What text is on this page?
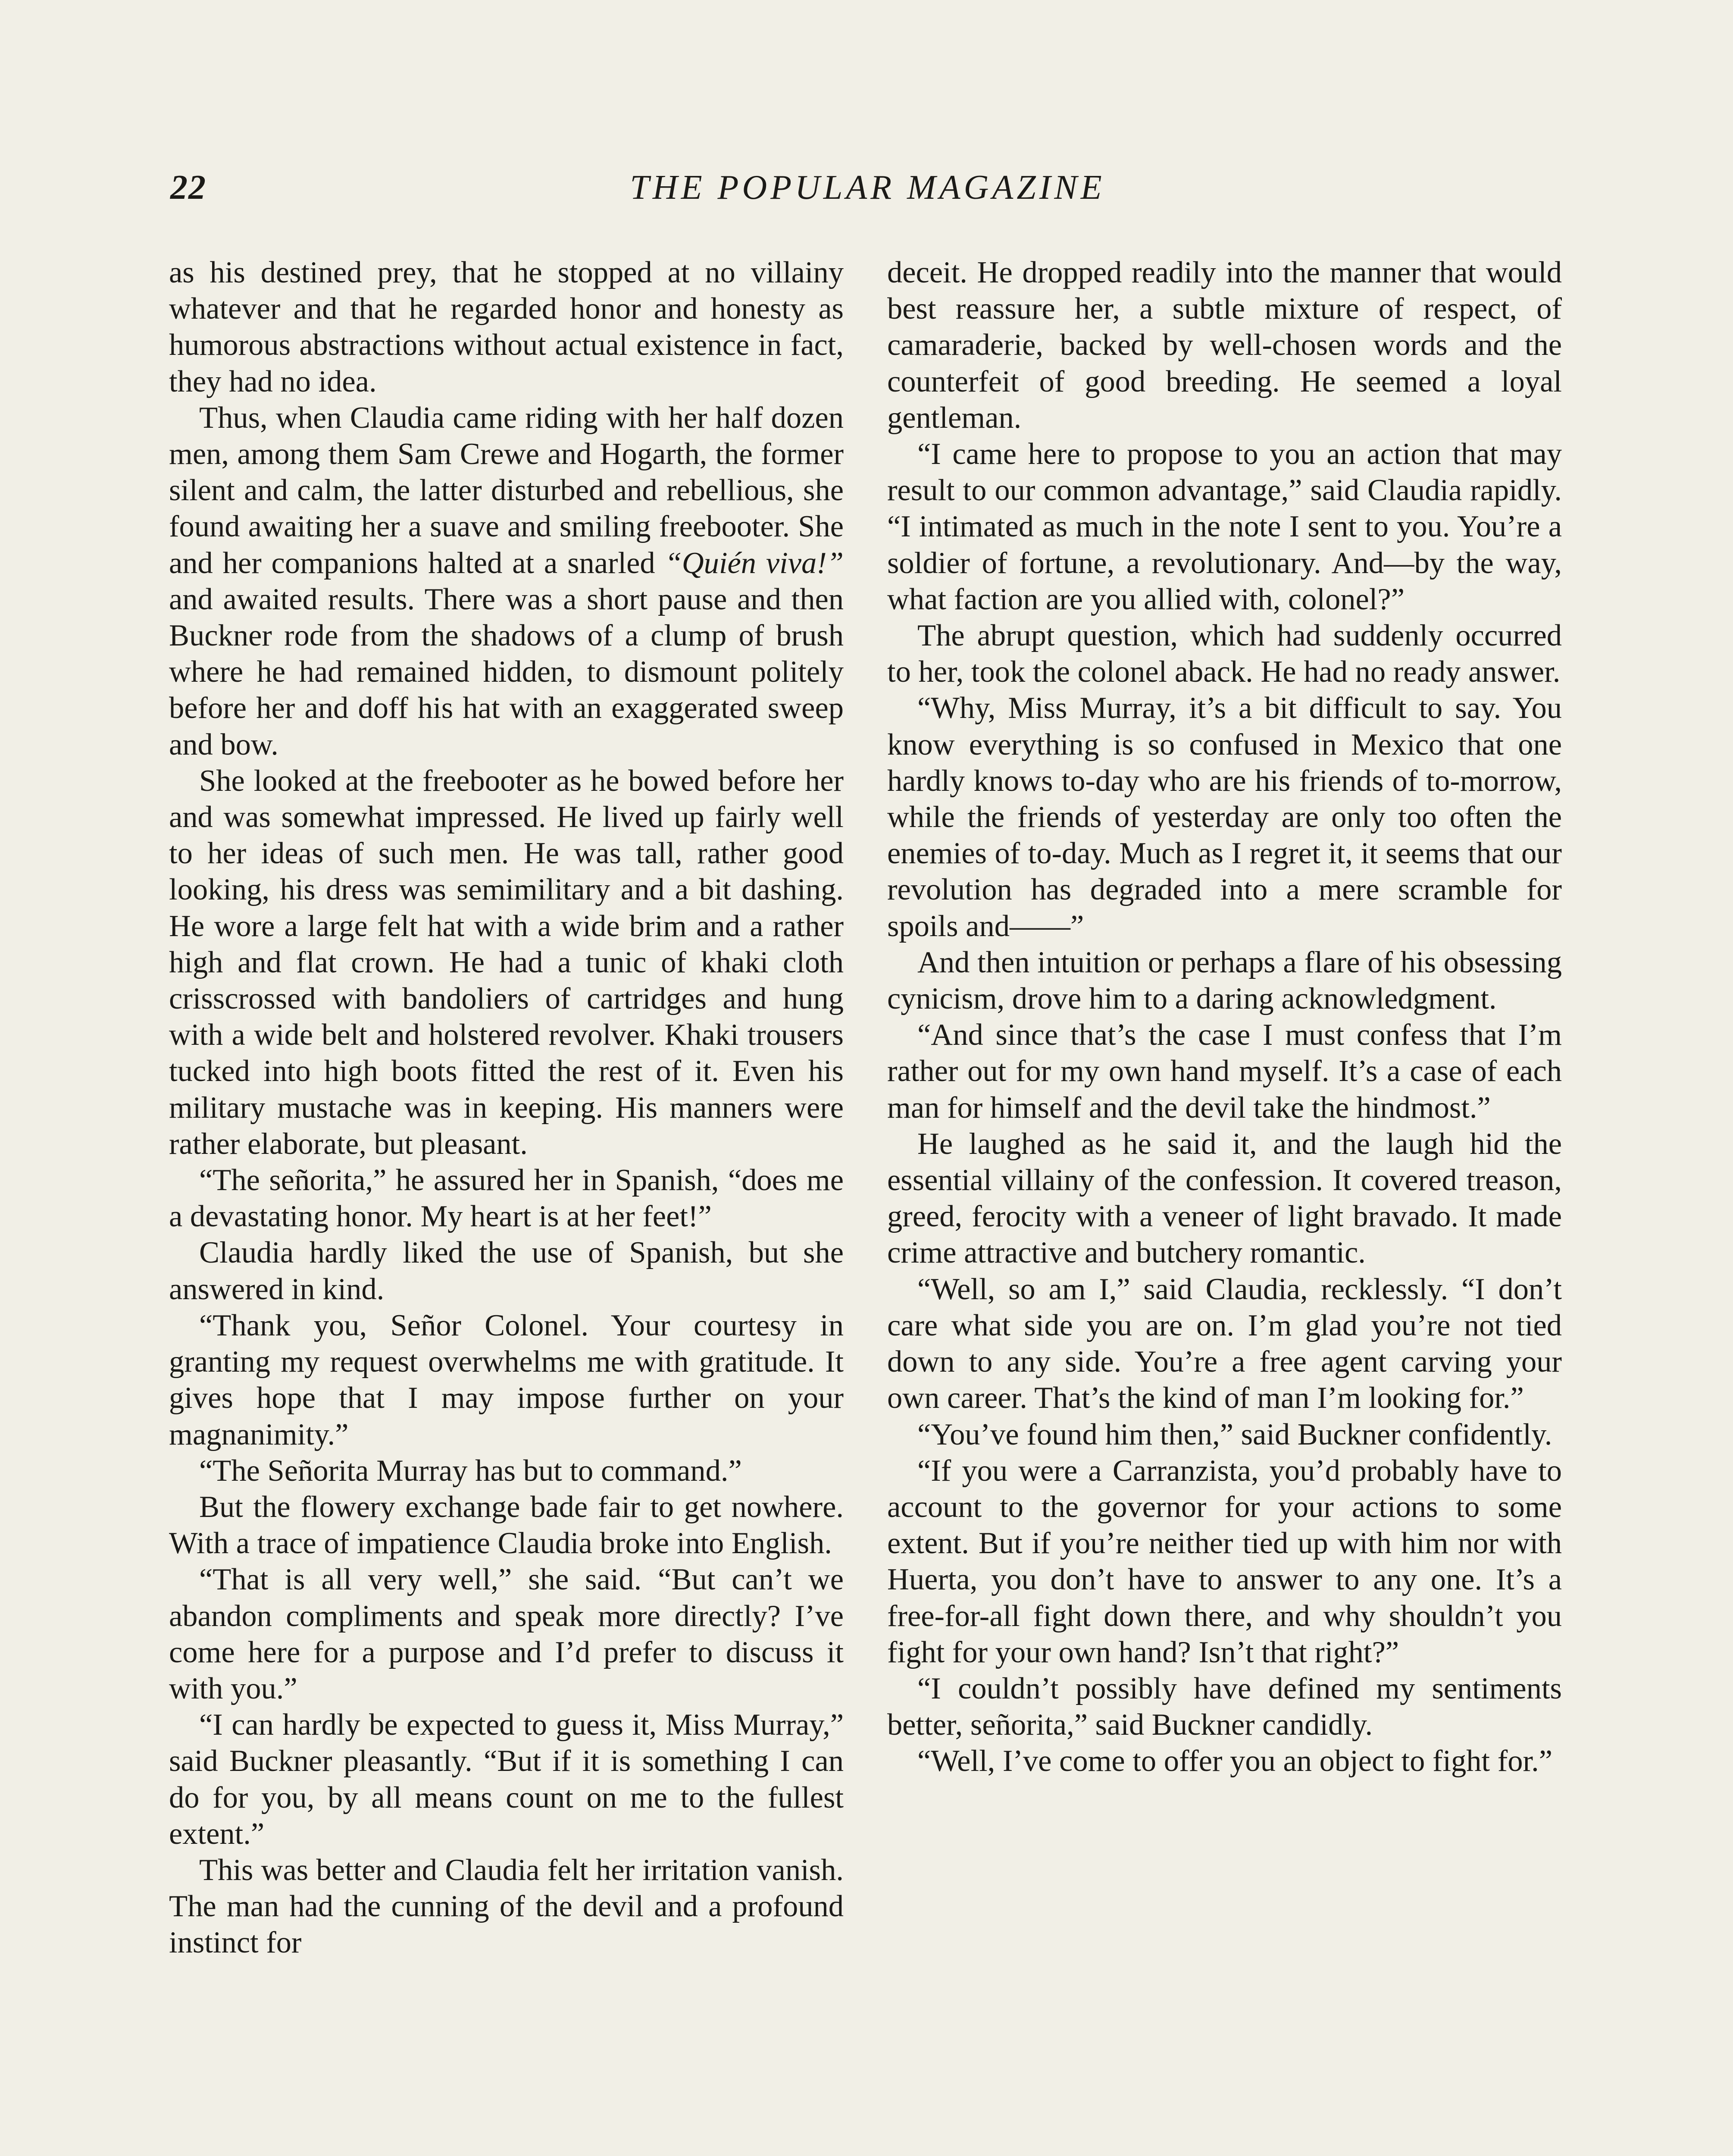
22	THE POPULAR MAGAZINE

as his destined prey, that he stopped at no villainy whatever and that he regarded honor and honesty as humorous abstractions without actual existence in fact, they had no idea.

Thus, when Claudia came riding with her half dozen men, among them Sam Crewe and Hogarth, the former silent and calm, the latter disturbed and rebellious, she found awaiting her a suave and smiling freebooter. She and her companions halted at a snarled “Quién viva!” and awaited results. There was a short pause and then Buckner rode from the shadows of a clump of brush where he had remained hidden, to dismount politely before her and doff his hat with an exaggerated sweep and bow.

She looked at the freebooter as he bowed before her and was somewhat impressed. He lived up fairly well to her ideas of such men. He was tall, rather good looking, his dress was semimilitary and a bit dashing. He wore a large felt hat with a wide brim and a rather high and flat crown. He had a tunic of khaki cloth crisscrossed with bandoliers of cartridges and hung with a wide belt and holstered revolver. Khaki trousers tucked into high boots fitted the rest of it. Even his military mustache was in keeping. His manners were rather elaborate, but pleasant.

“The señorita,” he assured her in Spanish, “does me a devastating honor. My heart is at her feet!”

Claudia hardly liked the use of Spanish, but she answered in kind.

“Thank you, Señor Colonel. Your courtesy in granting my request overwhelms me with gratitude. It gives hope that I may impose further on your magnanimity.”

“The Señorita Murray has but to command.”

But the flowery exchange bade fair to get nowhere. With a trace of impatience Claudia broke into English.

“That is all very well,” she said. “But can’t we abandon compliments and speak more directly? I’ve come here for a purpose and I’d prefer to discuss it with you.”

“I can hardly be expected to guess it, Miss Murray,” said Buckner pleasantly. “But if it is something I can do for you, by all means count on me to the fullest extent.”

This was better and Claudia felt her irritation vanish. The man had the cunning of the devil and a profound instinct for

deceit. He dropped readily into the manner that would best reassure her, a subtle mixture of respect, of camaraderie, backed by well-chosen words and the counterfeit of good breeding. He seemed a loyal gentleman.

“I came here to propose to you an action that may result to our common advantage,” said Claudia rapidly. “I intimated as much in the note I sent to you. You’re a soldier of fortune, a revolutionary. And—by the way, what faction are you allied with, colonel?”

The abrupt question, which had suddenly occurred to her, took the colonel aback. He had no ready answer.

“Why, Miss Murray, it’s a bit difficult to say. You know everything is so confused in Mexico that one hardly knows to-day who are his friends of to-morrow, while the friends of yesterday are only too often the enemies of to-day. Much as I regret it, it seems that our revolution has degraded into a mere scramble for spoils and——”

And then intuition or perhaps a flare of his obsessing cynicism, drove him to a daring acknowledgment.

“And since that’s the case I must confess that I’m rather out for my own hand myself. It’s a case of each man for himself and the devil take the hindmost.”

He laughed as he said it, and the laugh hid the essential villainy of the confession. It covered treason, greed, ferocity with a veneer of light bravado. It made crime attractive and butchery romantic.

“Well, so am I,” said Claudia, recklessly. “I don’t care what side you are on. I’m glad you’re not tied down to any side. You’re a free agent carving your own career. That’s the kind of man I’m looking for.”

“You’ve found him then,” said Buckner confidently.

“If you were a Carranzista, you’d probably have to account to the governor for your actions to some extent. But if you’re neither tied up with him nor with Huerta, you don’t have to answer to any one. It’s a free-for-all fight down there, and why shouldn’t you fight for your own hand? Isn’t that right?”

“I couldn’t possibly have defined my sentiments better, señorita,” said Buckner candidly.

“Well, I’ve come to offer you an object to fight for.”
